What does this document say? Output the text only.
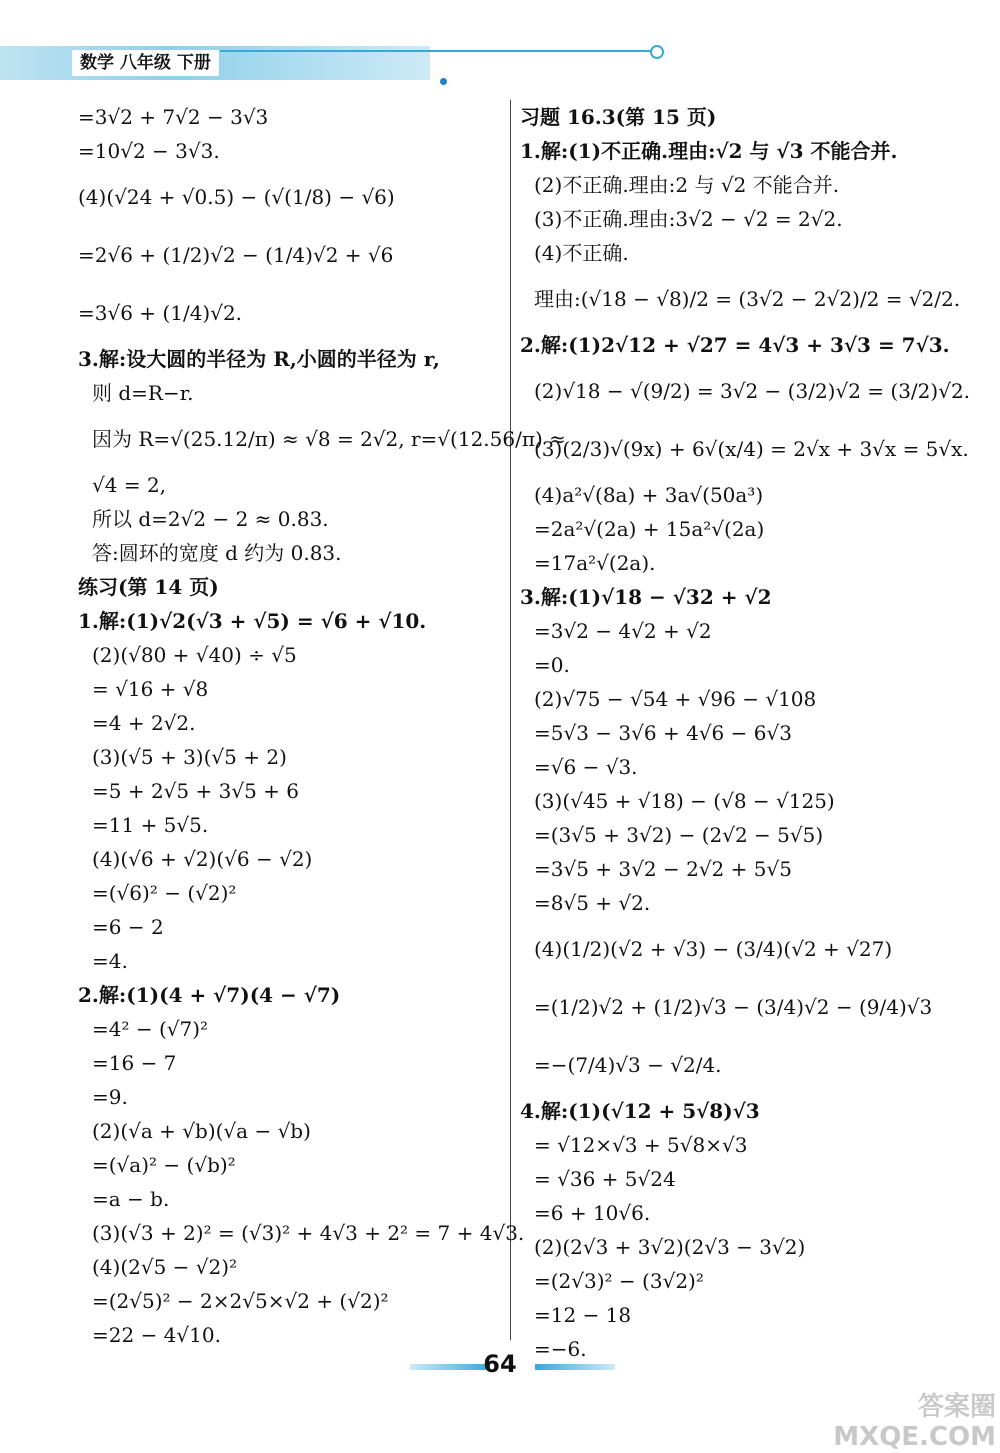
数学 八年级 下册
=3√2 + 7√2 − 3√3
=10√2 − 3√3.
(4)(√24 + √0.5) − (√(1/8) − √6)
=2√6 + (1/2)√2 − (1/4)√2 + √6
=3√6 + (1/4)√2.
3.解:设大圆的半径为 R,小圆的半径为 r,
则 d=R−r.
因为 R=√(25.12/π) ≈ √8 = 2√2, r=√(12.56/π) ≈
√4 = 2,
所以 d=2√2 − 2 ≈ 0.83.
答:圆环的宽度 d 约为 0.83.
练习(第 14 页)
1.解:(1)√2(√3 + √5) = √6 + √10.
(2)(√80 + √40) ÷ √5
= √16 + √8
=4 + 2√2.
(3)(√5 + 3)(√5 + 2)
=5 + 2√5 + 3√5 + 6
=11 + 5√5.
(4)(√6 + √2)(√6 − √2)
=(√6)² − (√2)²
=6 − 2
=4.
2.解:(1)(4 + √7)(4 − √7)
=4² − (√7)²
=16 − 7
=9.
(2)(√a + √b)(√a − √b)
=(√a)² − (√b)²
=a − b.
(3)(√3 + 2)² = (√3)² + 4√3 + 2² = 7 + 4√3.
(4)(2√5 − √2)²
=(2√5)² − 2×2√5×√2 + (√2)²
=22 − 4√10.
习题 16.3(第 15 页)
1.解:(1)不正确.理由:√2 与 √3 不能合并.
(2)不正确.理由:2 与 √2 不能合并.
(3)不正确.理由:3√2 − √2 = 2√2.
(4)不正确.
理由:(√18 − √8)/2 = (3√2 − 2√2)/2 = √2/2.
2.解:(1)2√12 + √27 = 4√3 + 3√3 = 7√3.
(2)√18 − √(9/2) = 3√2 − (3/2)√2 = (3/2)√2.
(3)(2/3)√(9x) + 6√(x/4) = 2√x + 3√x = 5√x.
(4)a²√(8a) + 3a√(50a³)
=2a²√(2a) + 15a²√(2a)
=17a²√(2a).
3.解:(1)√18 − √32 + √2
=3√2 − 4√2 + √2
=0.
(2)√75 − √54 + √96 − √108
=5√3 − 3√6 + 4√6 − 6√3
=√6 − √3.
(3)(√45 + √18) − (√8 − √125)
=(3√5 + 3√2) − (2√2 − 5√5)
=3√5 + 3√2 − 2√2 + 5√5
=8√5 + √2.
(4)(1/2)(√2 + √3) − (3/4)(√2 + √27)
=(1/2)√2 + (1/2)√3 − (3/4)√2 − (9/4)√3
=−(7/4)√3 − √2/4.
4.解:(1)(√12 + 5√8)√3
= √12×√3 + 5√8×√3
= √36 + 5√24
=6 + 10√6.
(2)(2√3 + 3√2)(2√3 − 3√2)
=(2√3)² − (3√2)²
=12 − 18
=−6.
64
答案圈 MXQE.COM
